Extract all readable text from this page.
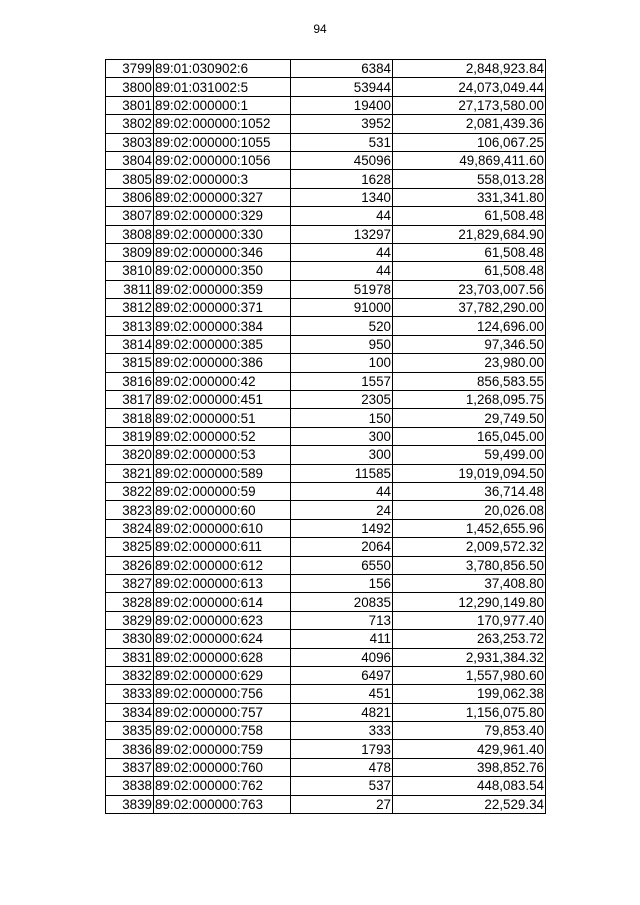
94
3799	89:01:030902:6	6384	2,848,923.84
3800	89:01:031002:5	53944	24,073,049.44
3801	89:02:000000:1	19400	27,173,580.00
3802	89:02:000000:1052	3952	2,081,439.36
3803	89:02:000000:1055	531	106,067.25
3804	89:02:000000:1056	45096	49,869,411.60
3805	89:02:000000:3	1628	558,013.28
3806	89:02:000000:327	1340	331,341.80
3807	89:02:000000:329	44	61,508.48
3808	89:02:000000:330	13297	21,829,684.90
3809	89:02:000000:346	44	61,508.48
3810	89:02:000000:350	44	61,508.48
3811	89:02:000000:359	51978	23,703,007.56
3812	89:02:000000:371	91000	37,782,290.00
3813	89:02:000000:384	520	124,696.00
3814	89:02:000000:385	950	97,346.50
3815	89:02:000000:386	100	23,980.00
3816	89:02:000000:42	1557	856,583.55
3817	89:02:000000:451	2305	1,268,095.75
3818	89:02:000000:51	150	29,749.50
3819	89:02:000000:52	300	165,045.00
3820	89:02:000000:53	300	59,499.00
3821	89:02:000000:589	11585	19,019,094.50
3822	89:02:000000:59	44	36,714.48
3823	89:02:000000:60	24	20,026.08
3824	89:02:000000:610	1492	1,452,655.96
3825	89:02:000000:611	2064	2,009,572.32
3826	89:02:000000:612	6550	3,780,856.50
3827	89:02:000000:613	156	37,408.80
3828	89:02:000000:614	20835	12,290,149.80
3829	89:02:000000:623	713	170,977.40
3830	89:02:000000:624	411	263,253.72
3831	89:02:000000:628	4096	2,931,384.32
3832	89:02:000000:629	6497	1,557,980.60
3833	89:02:000000:756	451	199,062.38
3834	89:02:000000:757	4821	1,156,075.80
3835	89:02:000000:758	333	79,853.40
3836	89:02:000000:759	1793	429,961.40
3837	89:02:000000:760	478	398,852.76
3838	89:02:000000:762	537	448,083.54
3839	89:02:000000:763	27	22,529.34
